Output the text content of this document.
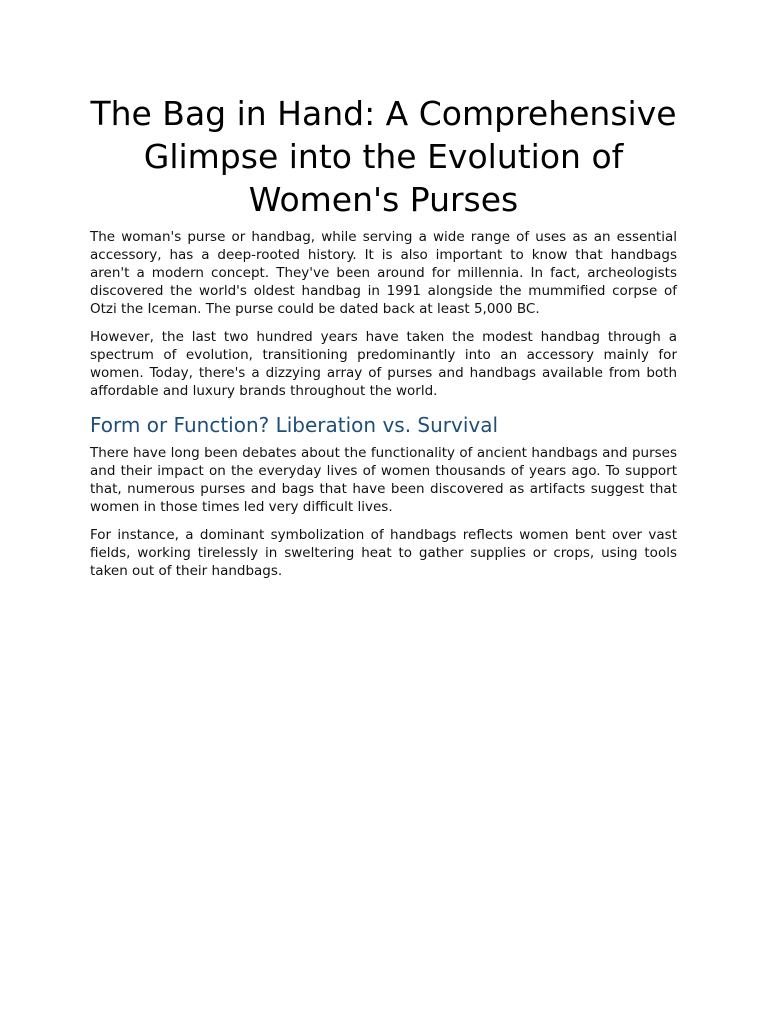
The Bag in Hand: A Comprehensive Glimpse into the Evolution of Women's Purses

The woman's purse or handbag, while serving a wide range of uses as an essential accessory, has a deep-rooted history. It is also important to know that handbags aren't a modern concept. They've been around for millennia. In fact, archeologists discovered the world's oldest handbag in 1991 alongside the mummified corpse of Otzi the Iceman. The purse could be dated back at least 5,000 BC.

However, the last two hundred years have taken the modest handbag through a spectrum of evolution, transitioning predominantly into an accessory mainly for women. Today, there's a dizzying array of purses and handbags available from both affordable and luxury brands throughout the world.

Form or Function? Liberation vs. Survival

There have long been debates about the functionality of ancient handbags and purses and their impact on the everyday lives of women thousands of years ago. To support that, numerous purses and bags that have been discovered as artifacts suggest that women in those times led very difficult lives.

For instance, a dominant symbolization of handbags reflects women bent over vast fields, working tirelessly in sweltering heat to gather supplies or crops, using tools taken out of their handbags.
